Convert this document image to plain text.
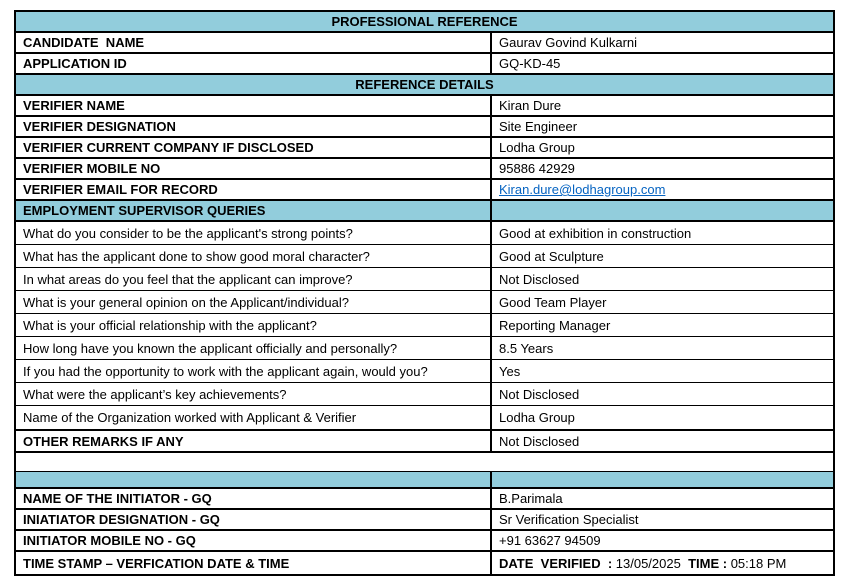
PROFESSIONAL REFERENCE
CANDIDATE  NAME	Gaurav Govind Kulkarni
APPLICATION ID	GQ-KD-45
REFERENCE DETAILS
VERIFIER NAME	Kiran Dure
VERIFIER DESIGNATION	Site Engineer
VERIFIER CURRENT COMPANY IF DISCLOSED	Lodha Group
VERIFIER MOBILE NO	95886 42929
VERIFIER EMAIL FOR RECORD	Kiran.dure@lodhagroup.com
EMPLOYMENT SUPERVISOR QUERIES
What do you consider to be the applicant's strong points?	Good at exhibition in construction
What has the applicant done to show good moral character?	Good at Sculpture
In what areas do you feel that the applicant can improve?	Not Disclosed
What is your general opinion on the Applicant/individual?	Good Team Player
What is your official relationship with the applicant?	Reporting Manager
How long have you known the applicant officially and personally?	8.5 Years
If you had the opportunity to work with the applicant again, would you?	Yes
What were the applicant’s key achievements?	Not Disclosed
Name of the Organization worked with Applicant & Verifier	Lodha Group
OTHER REMARKS IF ANY	Not Disclosed
NAME OF THE INITIATOR - GQ	B.Parimala
INIATIATOR DESIGNATION - GQ	Sr Verification Specialist
INITIATOR MOBILE NO - GQ	+91 63627 94509
TIME STAMP – VERFICATION DATE & TIME	DATE  VERIFIED  : 13/05/2025 TIME : 05:18 PM
